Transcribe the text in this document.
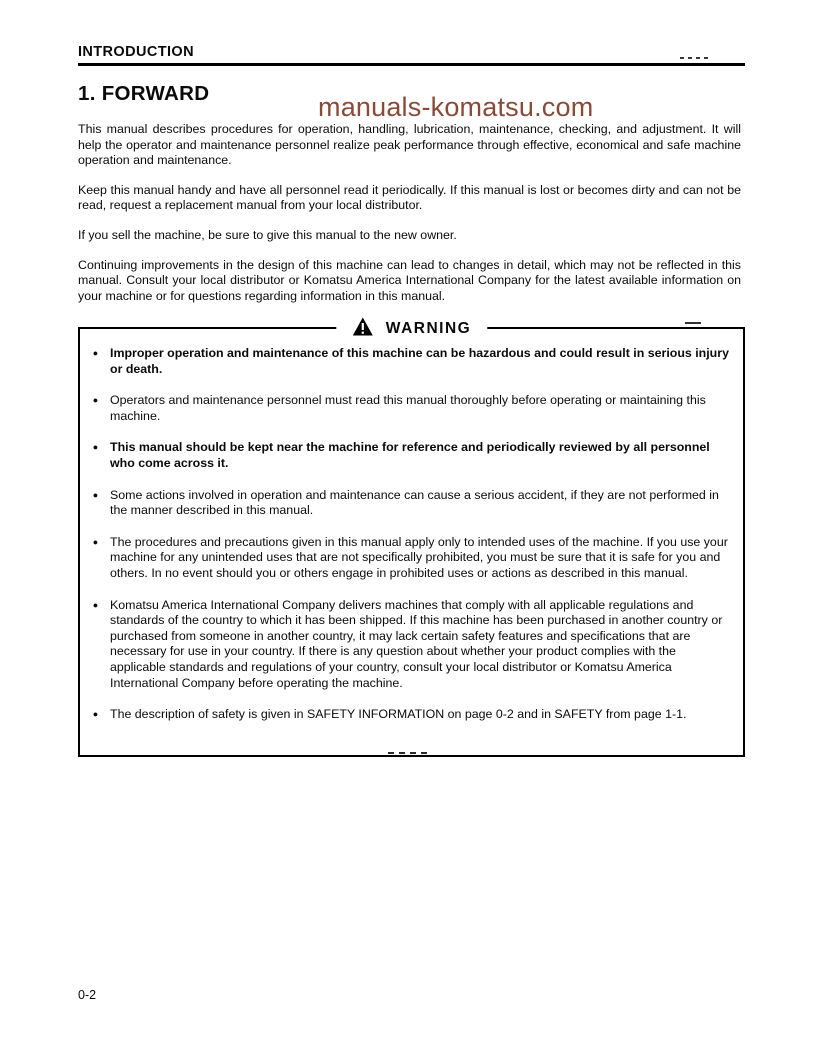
INTRODUCTION
1. FORWARD	manuals-komatsu.com

This manual describes procedures for operation, handling, lubrication, maintenance, checking, and adjustment. It will help the operator and maintenance personnel realize peak performance through effective, economical and safe machine operation and maintenance.

Keep this manual handy and have all personnel read it periodically. If this manual is lost or becomes dirty and can not be read, request a replacement manual from your local distributor.

If you sell the machine, be sure to give this manual to the new owner.

Continuing improvements in the design of this machine can lead to changes in detail, which may not be reflected in this manual. Consult your local distributor or Komatsu America International Company for the latest available information on your machine or for questions regarding information in this manual.

WARNING
● Improper operation and maintenance of this machine can be hazardous and could result in serious injury or death.
● Operators and maintenance personnel must read this manual thoroughly before operating or maintaining this machine.
● This manual should be kept near the machine for reference and periodically reviewed by all personnel who come across it.
● Some actions involved in operation and maintenance can cause a serious accident, if they are not performed in the manner described in this manual.
● The procedures and precautions given in this manual apply only to intended uses of the machine. If you use your machine for any unintended uses that are not specifically prohibited, you must be sure that it is safe for you and others. In no event should you or others engage in prohibited uses or actions as described in this manual.
● Komatsu America International Company delivers machines that comply with all applicable regulations and standards of the country to which it has been shipped. If this machine has been purchased in another country or purchased from someone in another country, it may lack certain safety features and specifications that are necessary for use in your country. If there is any question about whether your product complies with the applicable standards and regulations of your country, consult your local distributor or Komatsu America International Company before operating the machine.
● The description of safety is given in SAFETY INFORMATION on page 0-2 and in SAFETY from page 1-1.
0-2
